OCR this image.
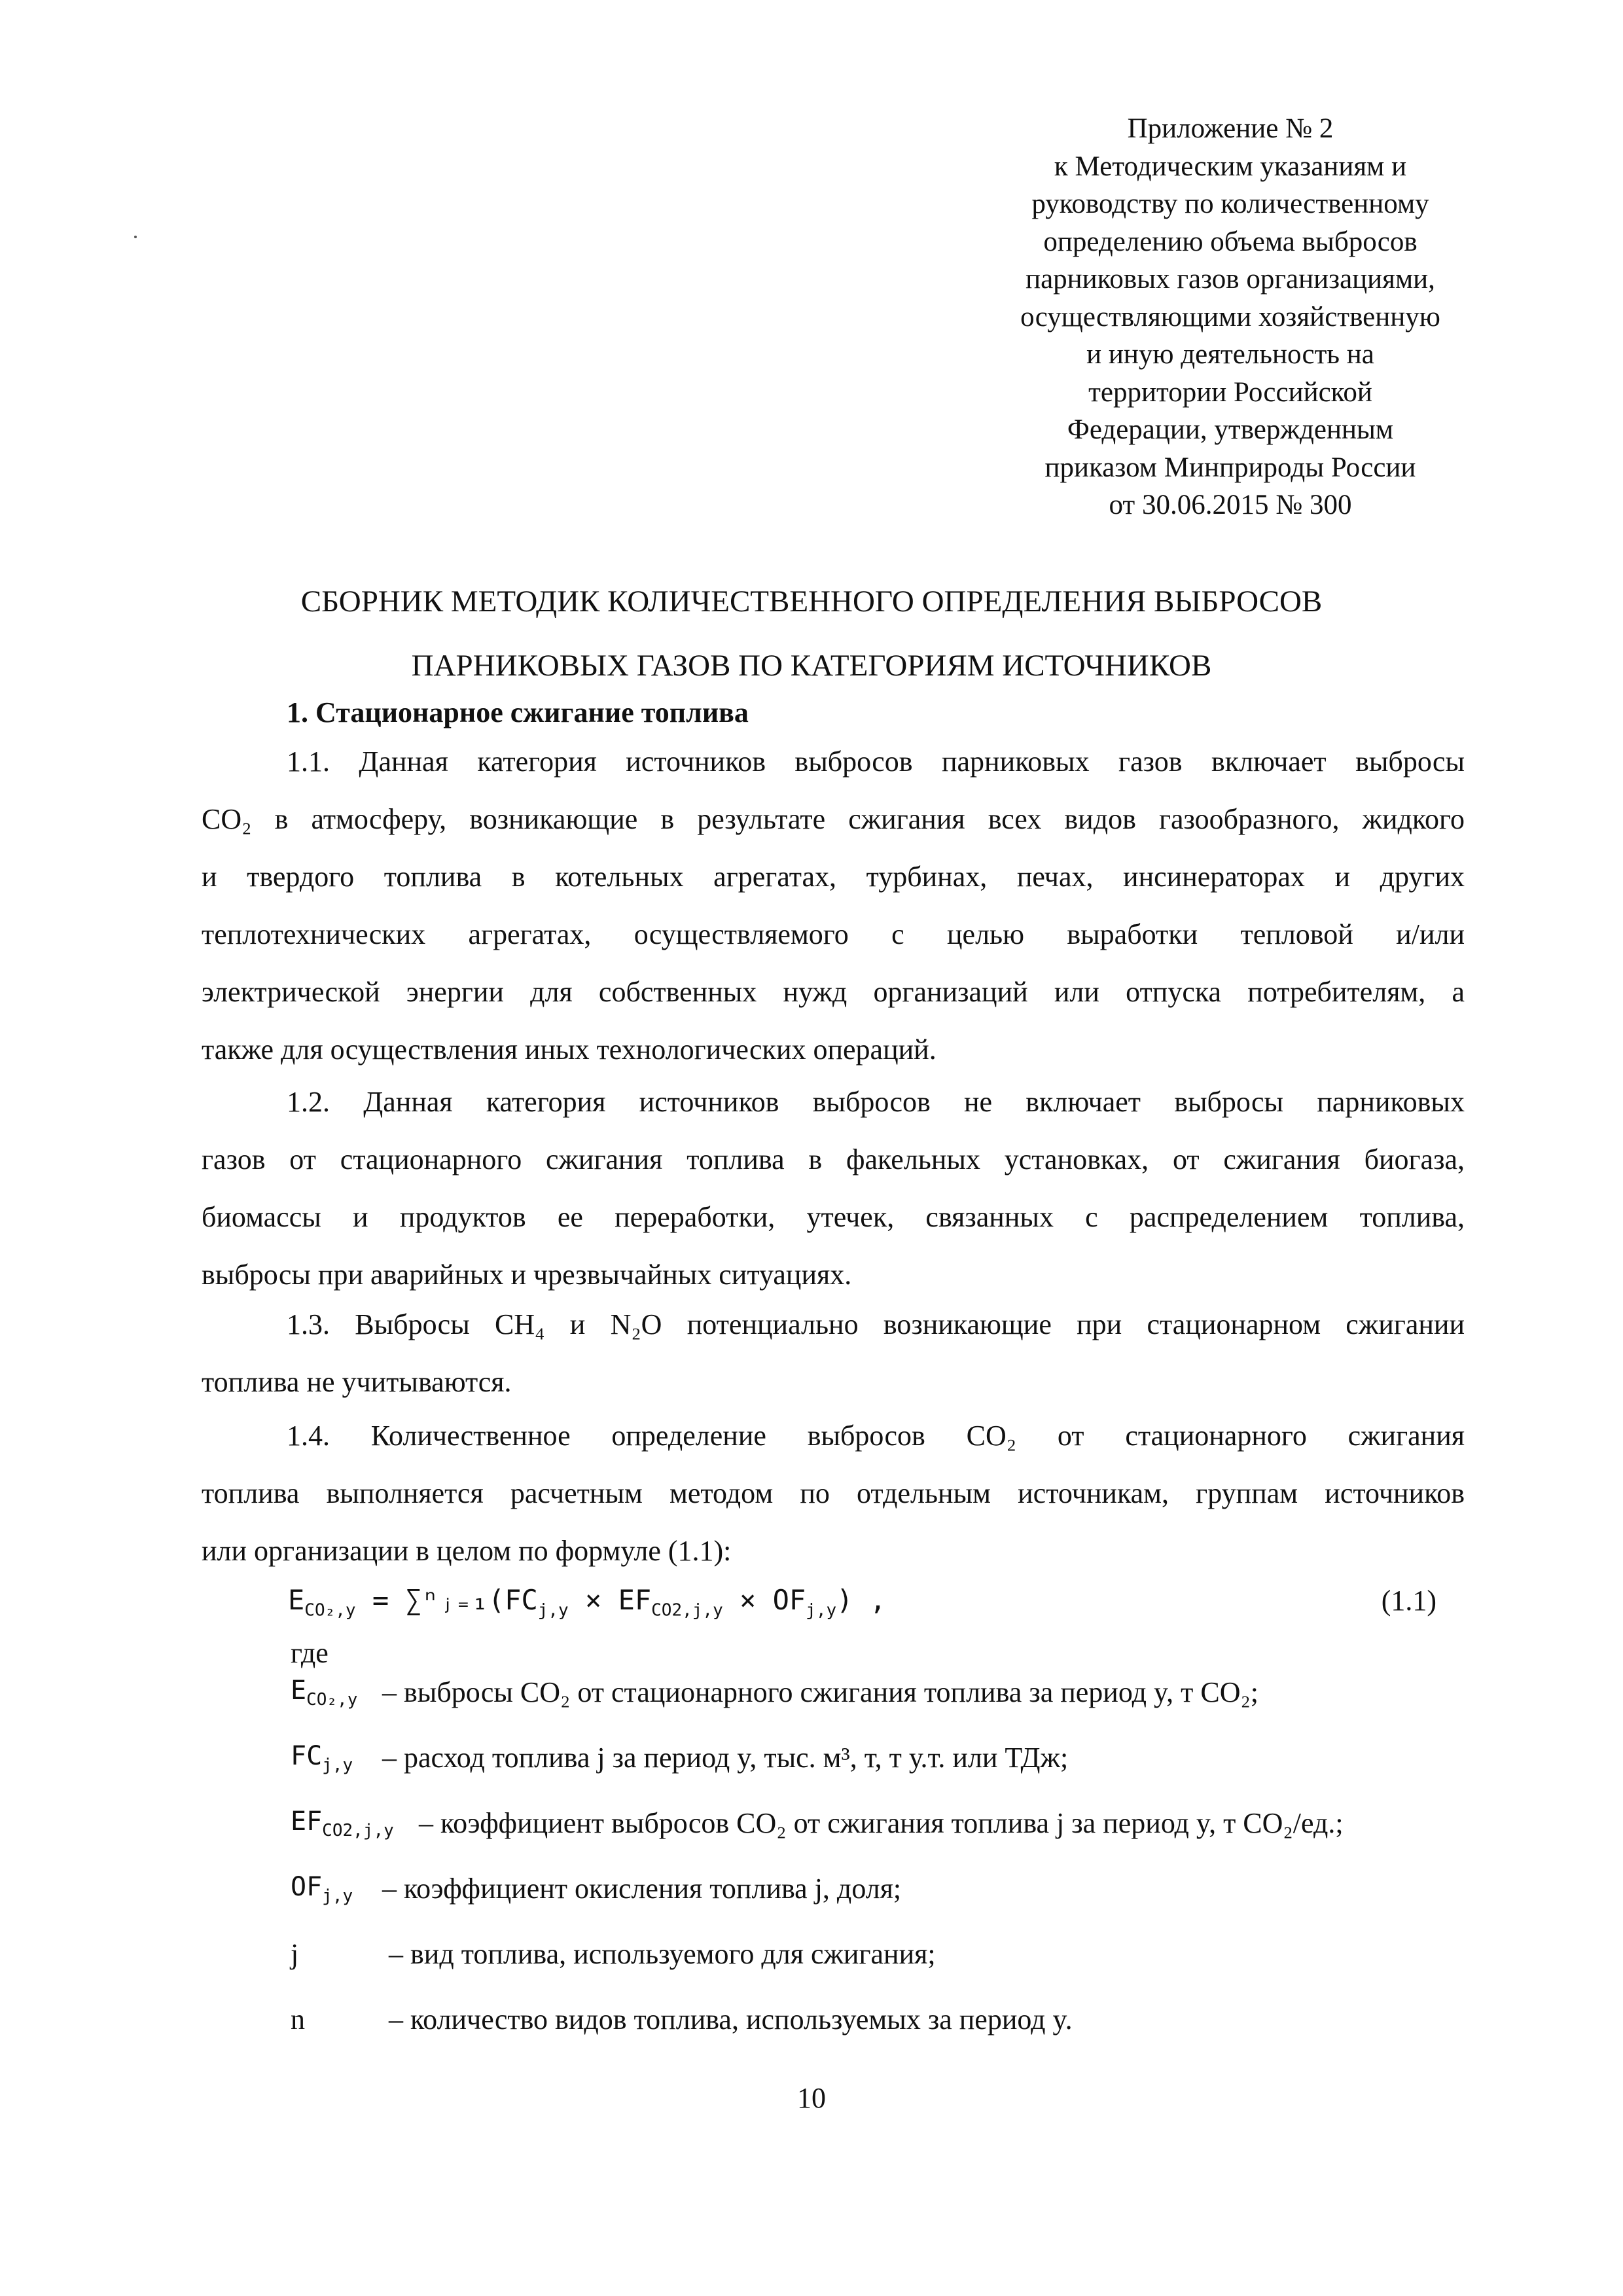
Приложение № 2
к Методическим указаниям и
руководству по количественному
определению объема выбросов
парниковых газов организациями,
осуществляющими хозяйственную
и иную деятельность на
территории Российской
Федерации, утвержденным
приказом Минприроды России
от 30.06.2015 № 300
СБОРНИК МЕТОДИК КОЛИЧЕСТВЕННОГО ОПРЕДЕЛЕНИЯ ВЫБРОСОВ
ПАРНИКОВЫХ ГАЗОВ ПО КАТЕГОРИЯМ ИСТОЧНИКОВ
1. Стационарное сжигание топлива
1.1. Данная категория источников выбросов парниковых газов включает выбросы
CO₂ в атмосферу, возникающие в результате сжигания всех видов газообразного, жидкого
и твердого топлива в котельных агрегатах, турбинах, печах, инсинераторах и других
теплотехнических агрегатах, осуществляемого с целью выработки тепловой и/или
электрической энергии для собственных нужд организаций или отпуска потребителям, а
также для осуществления иных технологических операций.
1.2. Данная категория источников выбросов не включает выбросы парниковых
газов от стационарного сжигания топлива в факельных установках, от сжигания биогаза,
биомассы и продуктов ее переработки, утечек, связанных с распределением топлива,
выбросы при аварийных и чрезвычайных ситуациях.
1.3. Выбросы CH₄ и N₂O потенциально возникающие при стационарном сжигании
топлива не учитываются.
1.4. Количественное определение выбросов CO₂ от стационарного сжигания
топлива выполняется расчетным методом по отдельным источникам, группам источников
или организации в целом по формуле (1.1):
$E_{CO_2,y}$ = $\sum^nⱼ_{=1}(FC_{j,y} \times EF_{CO2,j,y} \times OF_{j,y})$ ,	(1.1)
где
$E_{CO_2,y}$ – выбросы CO₂ от стационарного сжигания топлива за период y, т CO₂;
$FC_{j,y}$ – расход топлива j за период y, тыс. м³, т, т у.т. или ТДж;
$EF_{CO2,j,y}$ – коэффициент выбросов CO₂ от сжигания топлива j за период y, т CO₂/ед.;
$OF_{j,y}$ – коэффициент окисления топлива j, доля;
j	– вид топлива, используемого для сжигания;
n	– количество видов топлива, используемых за период y.
10
